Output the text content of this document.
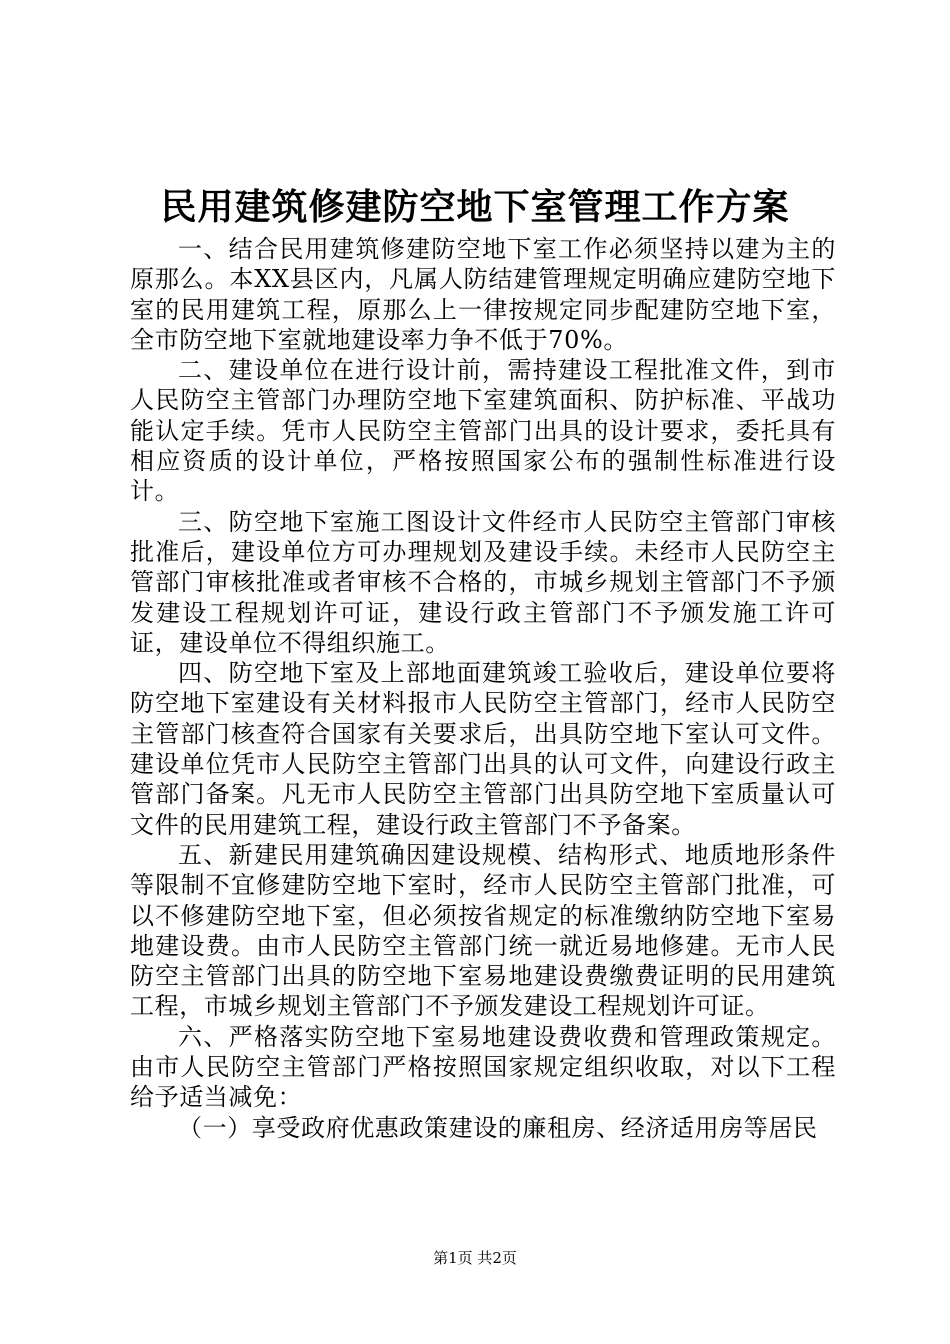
民用建筑修建防空地下室管理工作方案

一、结合民用建筑修建防空地下室工作必须坚持以建为主的原那么。本XX县区内，凡属人防结建管理规定明确应建防空地下室的民用建筑工程，原那么上一律按规定同步配建防空地下室，全市防空地下室就地建设率力争不低于70%。

二、建设单位在进行设计前，需持建设工程批准文件，到市人民防空主管部门办理防空地下室建筑面积、防护标准、平战功能认定手续。凭市人民防空主管部门出具的设计要求，委托具有相应资质的设计单位，严格按照国家公布的强制性标准进行设计。

三、防空地下室施工图设计文件经市人民防空主管部门审核批准后，建设单位方可办理规划及建设手续。未经市人民防空主管部门审核批准或者审核不合格的，市城乡规划主管部门不予颁发建设工程规划许可证，建设行政主管部门不予颁发施工许可证，建设单位不得组织施工。

四、防空地下室及上部地面建筑竣工验收后，建设单位要将防空地下室建设有关材料报市人民防空主管部门，经市人民防空主管部门核查符合国家有关要求后，出具防空地下室认可文件。建设单位凭市人民防空主管部门出具的认可文件，向建设行政主管部门备案。凡无市人民防空主管部门出具防空地下室质量认可文件的民用建筑工程，建设行政主管部门不予备案。

五、新建民用建筑确因建设规模、结构形式、地质地形条件等限制不宜修建防空地下室时，经市人民防空主管部门批准，可以不修建防空地下室，但必须按省规定的标准缴纳防空地下室易地建设费。由市人民防空主管部门统一就近易地修建。无市人民防空主管部门出具的防空地下室易地建设费缴费证明的民用建筑工程，市城乡规划主管部门不予颁发建设工程规划许可证。

六、严格落实防空地下室易地建设费收费和管理政策规定。由市人民防空主管部门严格按照国家规定组织收取，对以下工程给予适当减免：

（一）享受政府优惠政策建设的廉租房、经济适用房等居民

第1页 共2页
